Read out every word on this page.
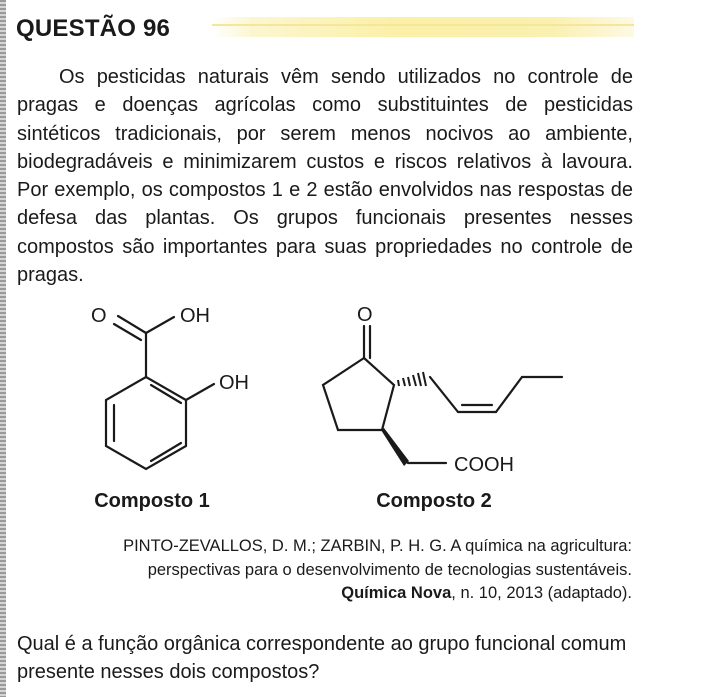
QUESTÃO 96

Os pesticidas naturais vêm sendo utilizados no controle de pragas e doenças agrícolas como substituintes de pesticidas sintéticos tradicionais, por serem menos nocivos ao ambiente, biodegradáveis e minimizarem custos e riscos relativos à lavoura. Por exemplo, os compostos 1 e 2 estão envolvidos nas respostas de defesa das plantas. Os grupos funcionais presentes nesses compostos são importantes para suas propriedades no controle de pragas.

O	OH
OH
O
COOH
Composto 1	Composto 2
PINTO-ZEVALLOS, D. M.; ZARBIN, P. H. G. A química na agricultura:
perspectivas para o desenvolvimento de tecnologias sustentáveis.
Química Nova, n. 10, 2013 (adaptado).

Qual é a função orgânica correspondente ao grupo funcional comum presente nesses dois compostos?
